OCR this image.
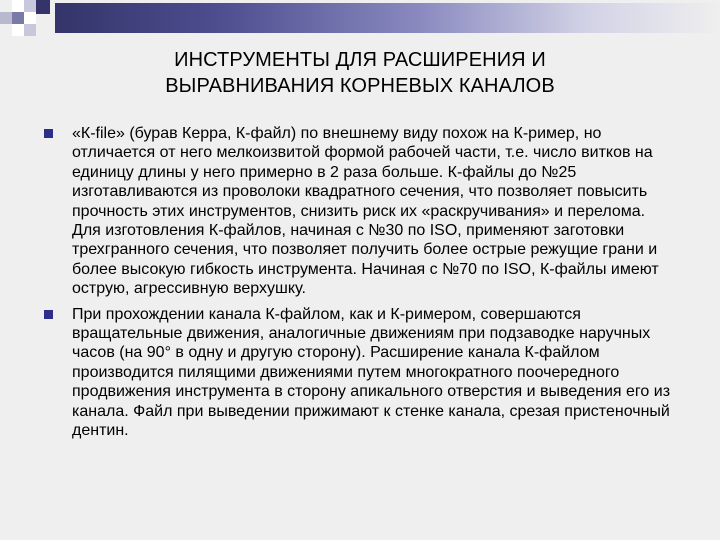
ИНСТРУМЕНТЫ ДЛЯ РАСШИРЕНИЯ И
ВЫРАВНИВАНИЯ КОРНЕВЫХ КАНАЛОВ
«К-file» (бурав Керра, К-файл) по внешнему виду похож на К-ример, но отличается от него мелкоизвитой формой рабочей части, т.е. число витков на единицу длины у него примерно в 2 раза больше. К-файлы до №25 изготавливаются из проволоки квадратного сечения, что позволяет повысить прочность этих инструментов, снизить риск их «раскручивания» и перелома. Для изготовления К-файлов, начиная с №30 по ISO, применяют заготовки трехгранного сечения, что позволяет получить более острые режущие грани и более высокую гибкость инструмента. Начиная с №70 по ISO, К-файлы имеют острую, агрессивную верхушку.
При прохождении канала К-файлом, как и К-римером, совершаются вращательные движения, аналогичные движениям при подзаводке наручных часов (на 90° в одну и другую сторону). Расширение канала К-файлом производится пилящими движениями путем многократного поочередного продвижения инструмента в сторону апикального отверстия и выведения его из канала. Файл при выведении прижимают к стенке канала, срезая пристеночный дентин.
